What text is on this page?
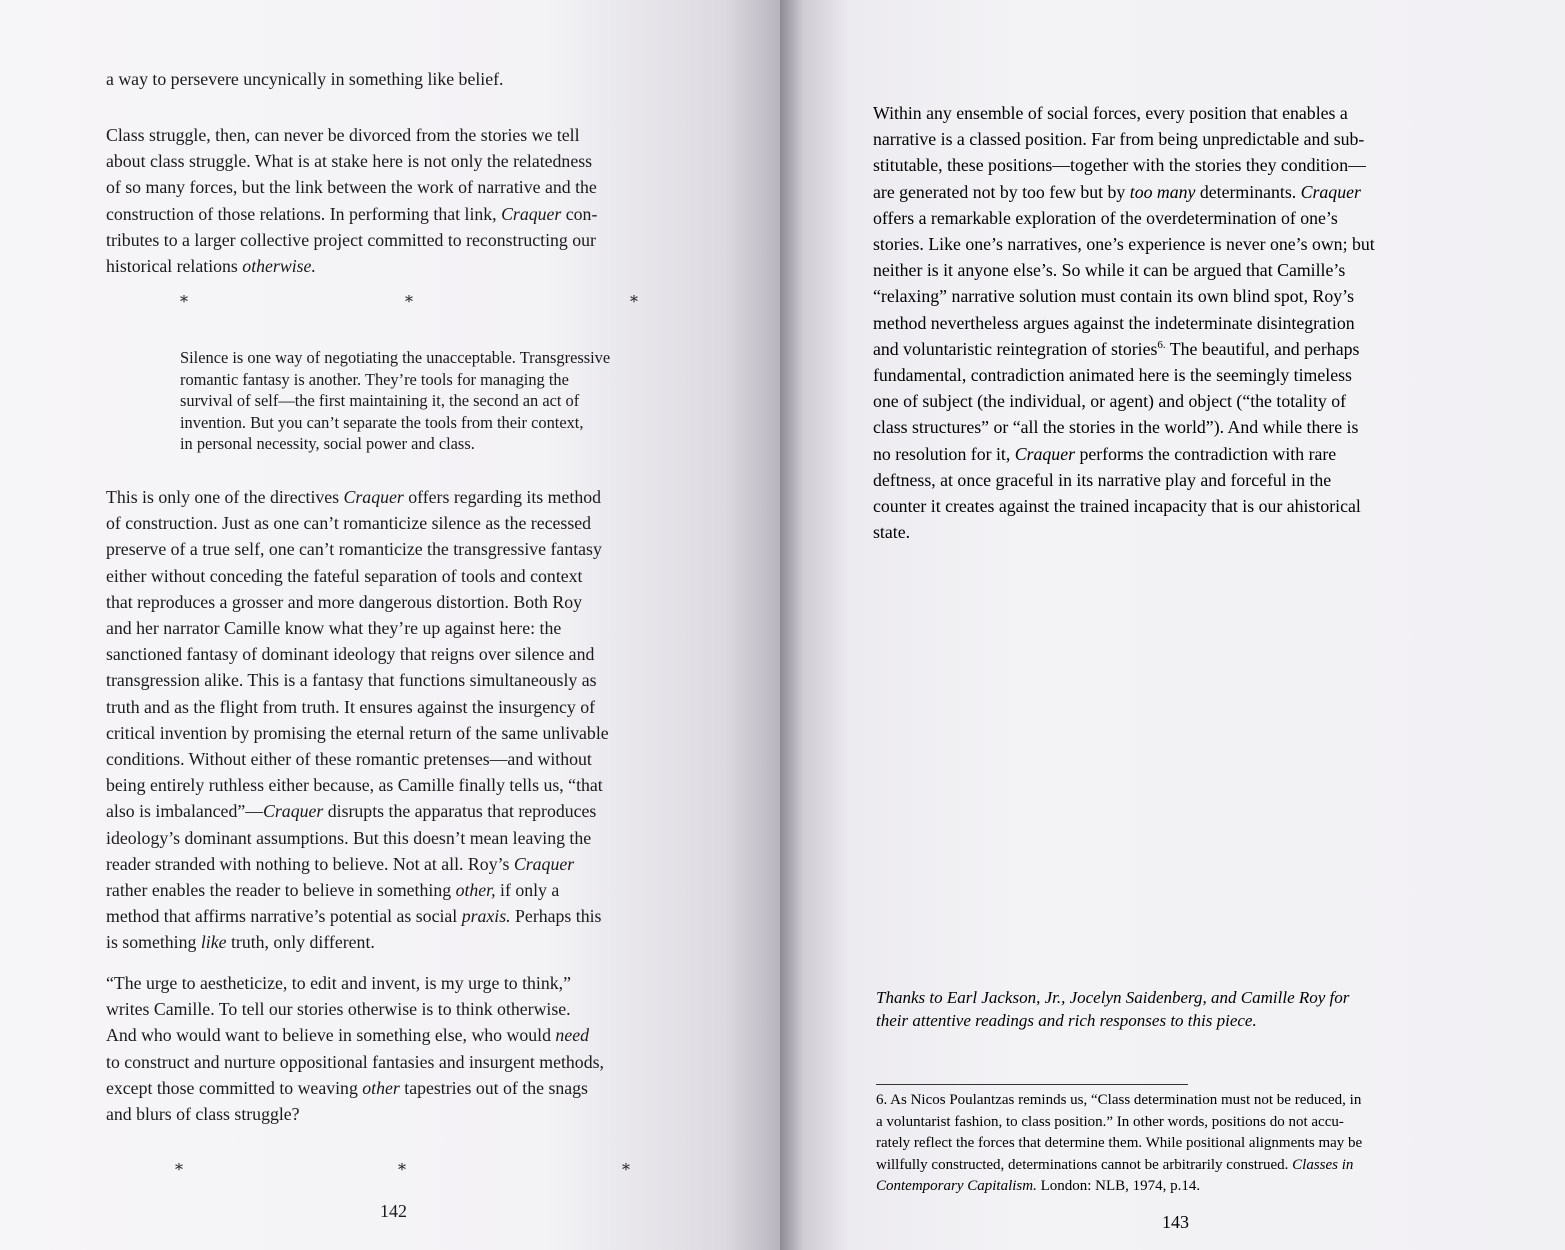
a way to persevere uncynically in something like belief.
Class struggle, then, can never be divorced from the stories we tell
about class struggle. What is at stake here is not only the relatedness
of so many forces, but the link between the work of narrative and the
construction of those relations. In performing that link, Craquer con-
tributes to a larger collective project committed to reconstructing our
historical relations otherwise.
*	*	*
Silence is one way of negotiating the unacceptable. Transgressive
romantic fantasy is another. They’re tools for managing the
survival of self—the first maintaining it, the second an act of
invention. But you can’t separate the tools from their context,
in personal necessity, social power and class.
This is only one of the directives Craquer offers regarding its method
of construction. Just as one can’t romanticize silence as the recessed
preserve of a true self, one can’t romanticize the transgressive fantasy
either without conceding the fateful separation of tools and context
that reproduces a grosser and more dangerous distortion. Both Roy
and her narrator Camille know what they’re up against here: the
sanctioned fantasy of dominant ideology that reigns over silence and
transgression alike. This is a fantasy that functions simultaneously as
truth and as the flight from truth. It ensures against the insurgency of
critical invention by promising the eternal return of the same unlivable
conditions. Without either of these romantic pretenses—and without
being entirely ruthless either because, as Camille finally tells us, “that
also is imbalanced”—Craquer disrupts the apparatus that reproduces
ideology’s dominant assumptions. But this doesn’t mean leaving the
reader stranded with nothing to believe. Not at all. Roy’s Craquer
rather enables the reader to believe in something other, if only a
method that affirms narrative’s potential as social praxis. Perhaps this
is something like truth, only different.
“The urge to aestheticize, to edit and invent, is my urge to think,”
writes Camille. To tell our stories otherwise is to think otherwise.
And who would want to believe in something else, who would need
to construct and nurture oppositional fantasies and insurgent methods,
except those committed to weaving other tapestries out of the snags
and blurs of class struggle?
*	*	*
142
Within any ensemble of social forces, every position that enables a
narrative is a classed position. Far from being unpredictable and sub-
stitutable, these positions—together with the stories they condition—
are generated not by too few but by too many determinants. Craquer
offers a remarkable exploration of the overdetermination of one’s
stories. Like one’s narratives, one’s experience is never one’s own; but
neither is it anyone else’s. So while it can be argued that Camille’s
“relaxing” narrative solution must contain its own blind spot, Roy’s
method nevertheless argues against the indeterminate disintegration
and voluntaristic reintegration of stories$^{6.}$ The beautiful, and perhaps
fundamental, contradiction animated here is the seemingly timeless
one of subject (the individual, or agent) and object (“the totality of
class structures” or “all the stories in the world”). And while there is
no resolution for it, Craquer performs the contradiction with rare
deftness, at once graceful in its narrative play and forceful in the
counter it creates against the trained incapacity that is our ahistorical
state.
Thanks to Earl Jackson, Jr., Jocelyn Saidenberg, and Camille Roy for
their attentive readings and rich responses to this piece.
6. As Nicos Poulantzas reminds us, “Class determination must not be reduced, in
a voluntarist fashion, to class position.” In other words, positions do not accu-
rately reflect the forces that determine them. While positional alignments may be
willfully constructed, determinations cannot be arbitrarily construed. Classes in
Contemporary Capitalism. London: NLB, 1974, p.14.
143
